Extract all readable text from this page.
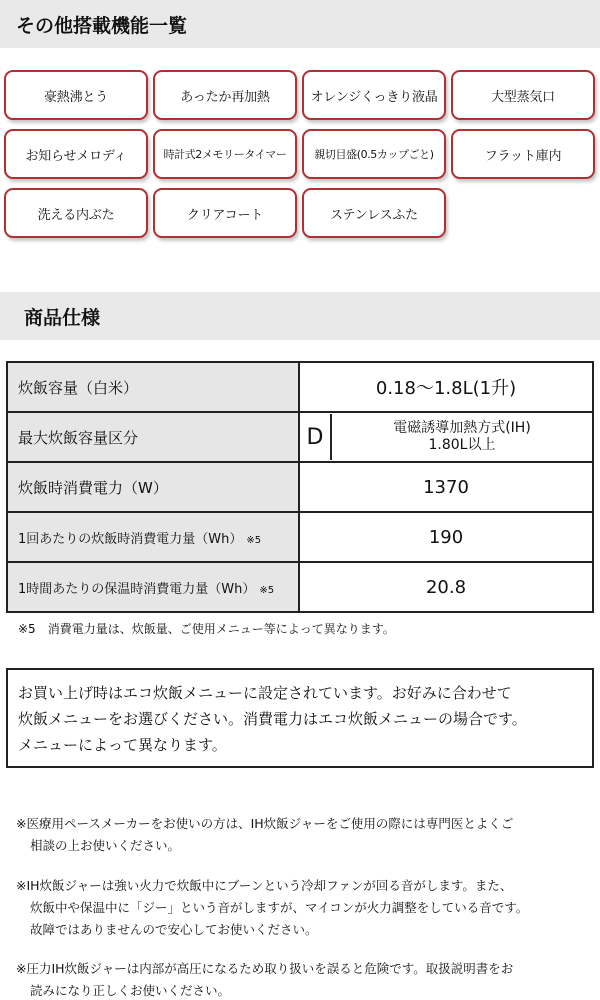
その他搭載機能一覧
豪熱沸とう	あったか再加熱	オレンジくっきり液晶	大型蒸気口
お知らせメロディ	時計式2メモリータイマー	親切目盛(0.5カップごと)	フラット庫内
洗える内ぶた	クリアコート	ステンレスふた
商品仕様
炊飯容量（白米）	0.18～1.8L(1升)
最大炊飯容量区分	D 電磁誘導加熱方式(IH)
1.80L以上

炊飯時消費電力（W）	1370
1回あたりの炊飯時消費電力量（Wh） ※5	190
1時間あたりの保温時消費電力量（Wh） ※5	20.8
※5　消費電力量は、炊飯量、ご使用メニュー等によって異なります。
お買い上げ時はエコ炊飯メニューに設定されています。お好みに合わせて
炊飯メニューをお選びください。消費電力はエコ炊飯メニューの場合です。
メニューによって異なります。
※医療用ペースメーカーをお使いの方は、IH炊飯ジャーをご使用の際には専門医とよくご
相談の上お使いください。
※IH炊飯ジャーは強い火力で炊飯中にブーンという冷却ファンが回る音がします。また、
炊飯中や保温中に「ジー」という音がしますが、マイコンが火力調整をしている音です。
故障ではありませんので安心してお使いください。
※圧力IH炊飯ジャーは内部が高圧になるため取り扱いを誤ると危険です。取扱説明書をお
読みになり正しくお使いください。
